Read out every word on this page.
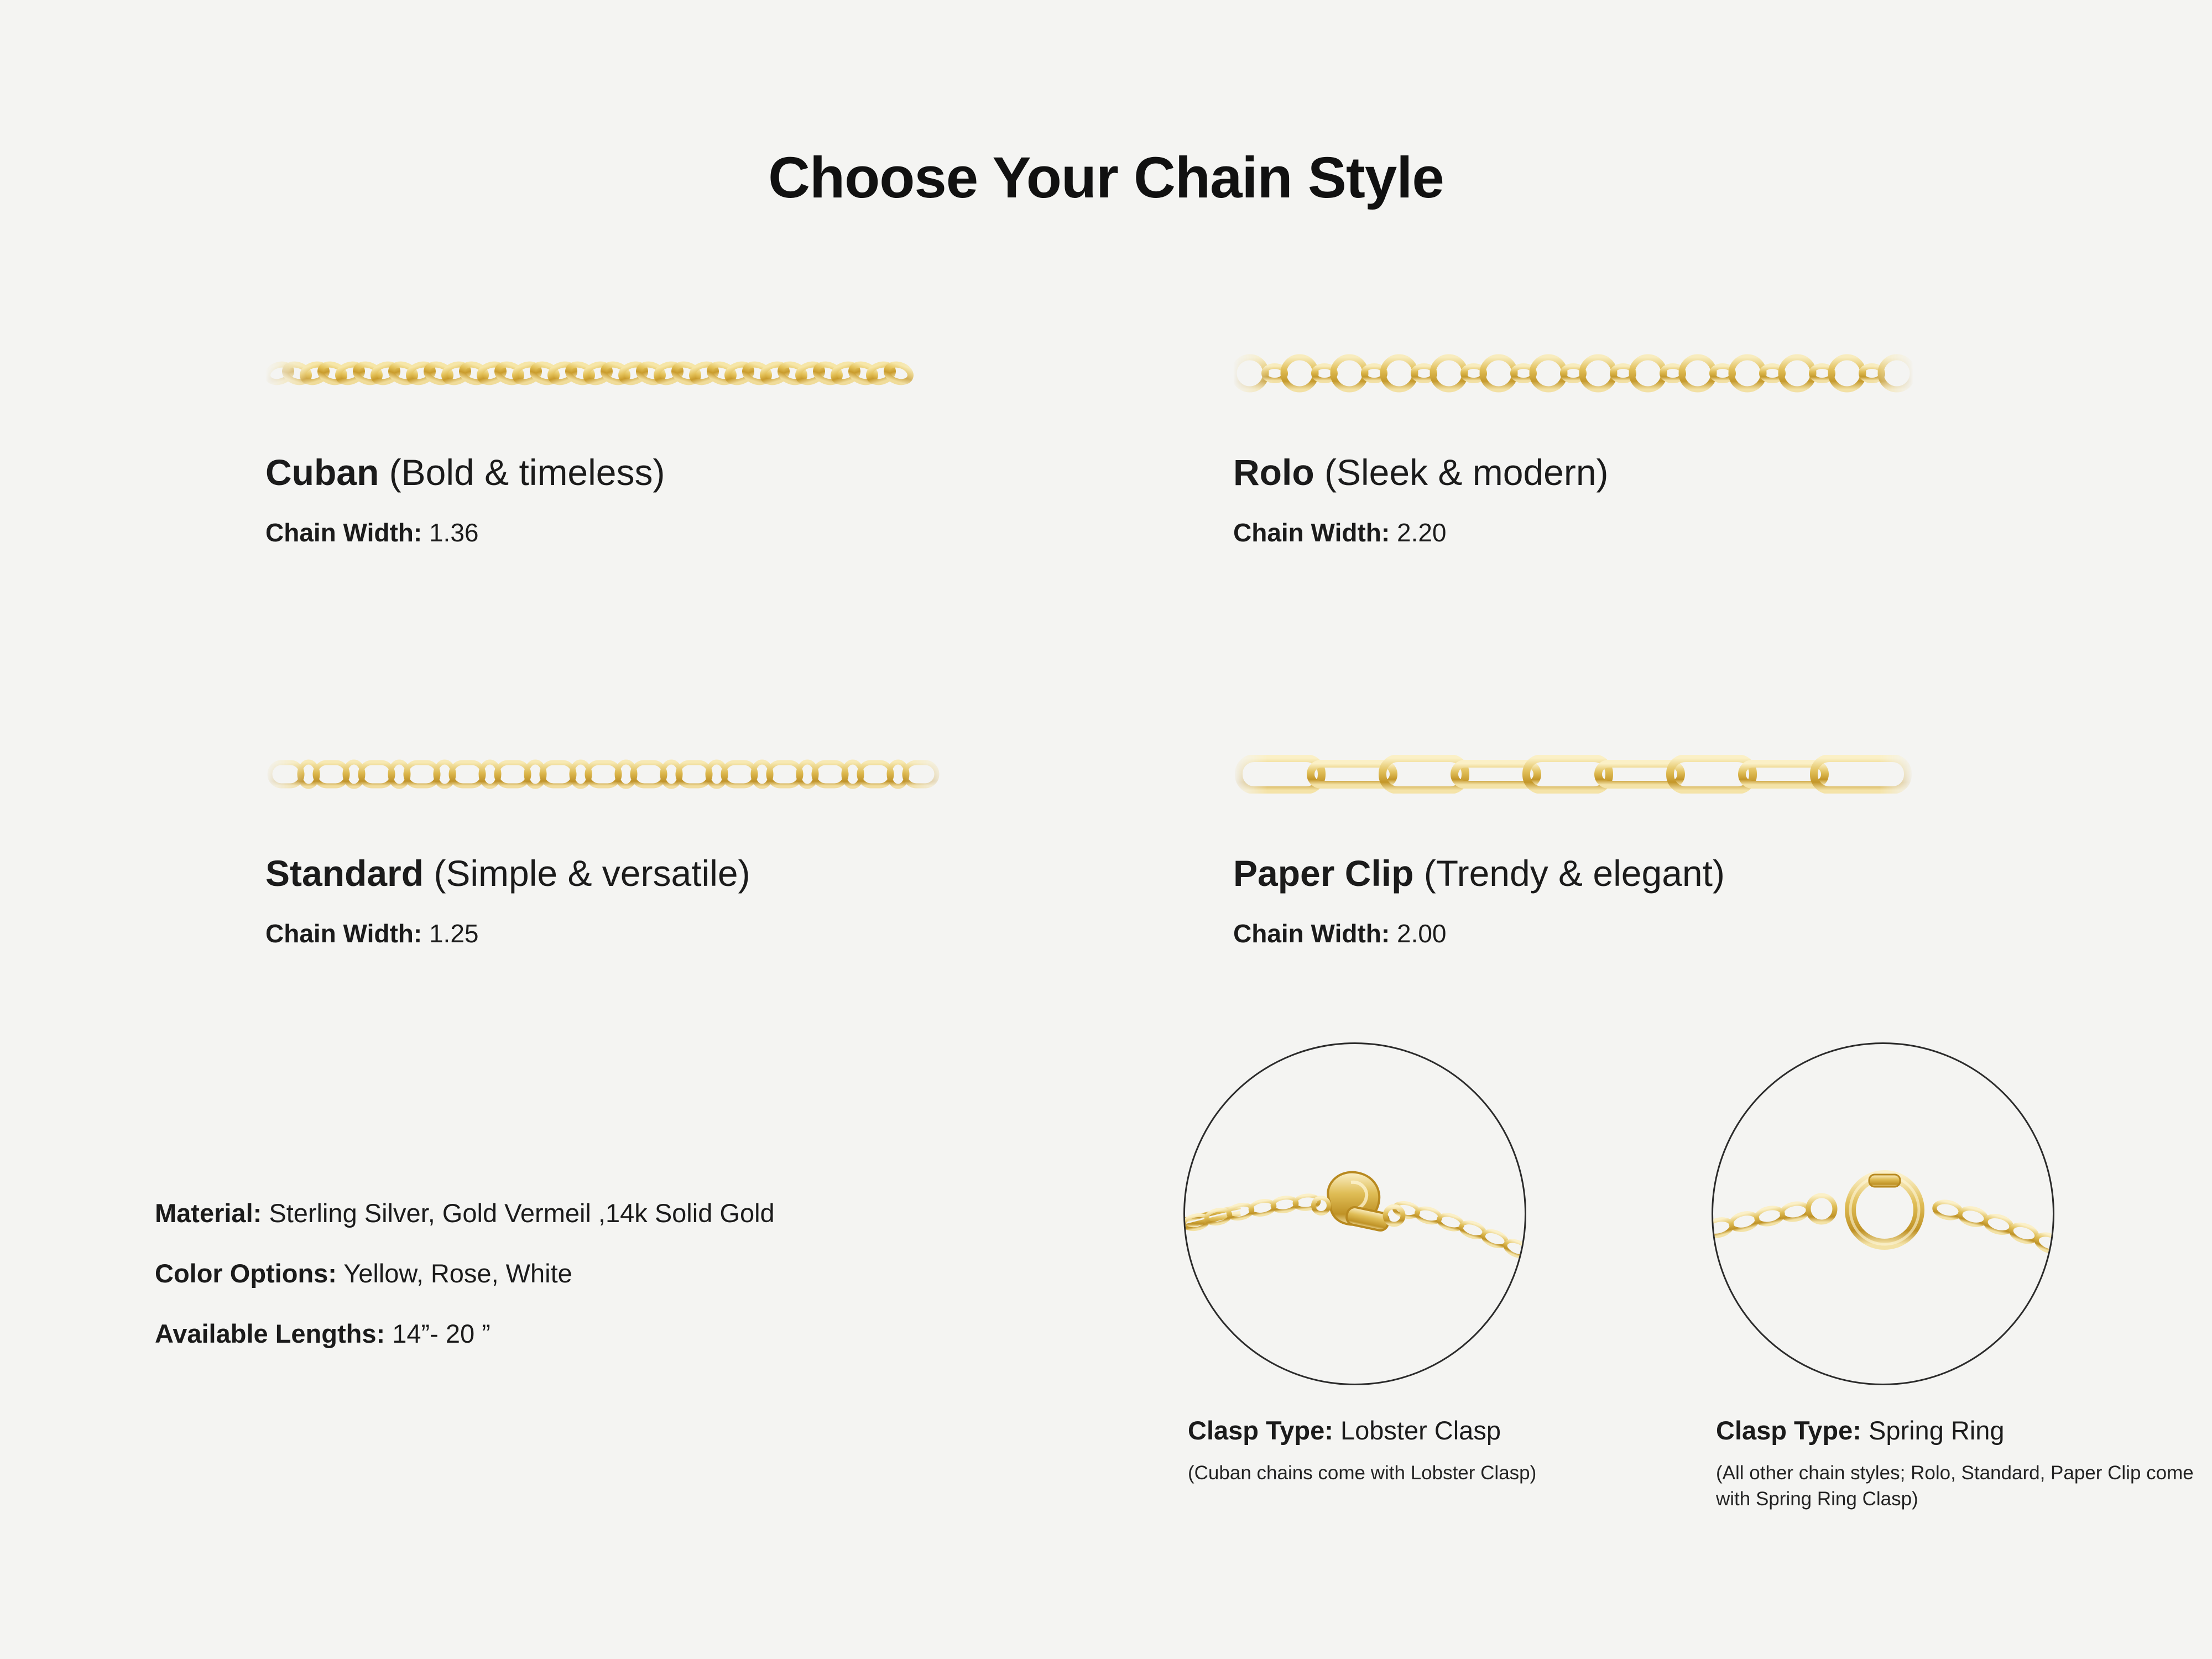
Choose Your Chain Style
Cuban (Bold & timeless)
Chain Width: 1.36
Rolo (Sleek & modern)
Chain Width: 2.20
Standard (Simple & versatile)
Chain Width: 1.25
Paper Clip (Trendy & elegant)
Chain Width: 2.00
Material: Sterling Silver, Gold Vermeil ,14k Solid Gold
Color Options: Yellow, Rose, White
Available Lengths: 14”- 20 ”
Clasp Type: Lobster Clasp
(Cuban chains come with Lobster Clasp)
Clasp Type: Spring Ring
(All other chain styles; Rolo, Standard, Paper Clip come with Spring Ring Clasp)
